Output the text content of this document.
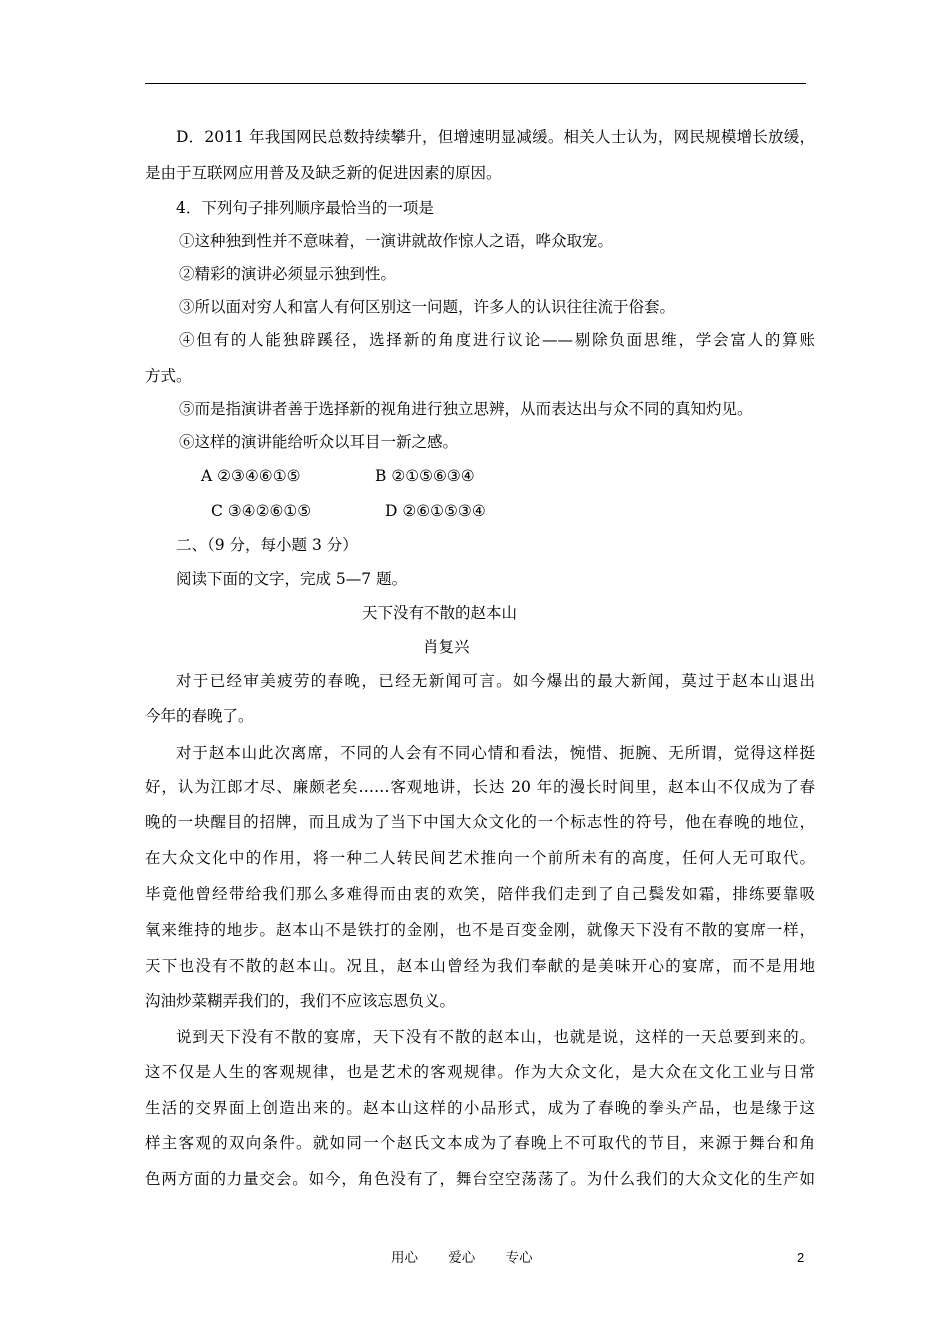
D．2011 年我国网民总数持续攀升，但增速明显减缓。相关人士认为，网民规模增长放缓，
是由于互联网应用普及及缺乏新的促进因素的原因。
4．下列句子排列顺序最恰当的一项是
①这种独到性并不意味着，一演讲就故作惊人之语，哗众取宠。
②精彩的演讲必须显示独到性。
③所以面对穷人和富人有何区别这一问题，许多人的认识往往流于俗套。
④但有的人能独辟蹊径，选择新的角度进行议论——剔除负面思维，学会富人的算账
方式。
⑤而是指演讲者善于选择新的视角进行独立思辨，从而表达出与众不同的真知灼见。
⑥这样的演讲能给听众以耳目一新之感。
A ②③④⑥①⑤	B ②①⑤⑥③④
C ③④②⑥①⑤	D ②⑥①⑤③④
二、（9 分，每小题 3 分）
阅读下面的文字，完成 5—7 题。
天下没有不散的赵本山
肖复兴
对于已经审美疲劳的春晚，已经无新闻可言。如今爆出的最大新闻，莫过于赵本山退出
今年的春晚了。
对于赵本山此次离席，不同的人会有不同心情和看法，惋惜、扼腕、无所谓，觉得这样挺
好，认为江郎才尽、廉颇老矣……客观地讲，长达 20 年的漫长时间里，赵本山不仅成为了春
晚的一块醒目的招牌，而且成为了当下中国大众文化的一个标志性的符号，他在春晚的地位，
在大众文化中的作用，将一种二人转民间艺术推向一个前所未有的高度，任何人无可取代。
毕竟他曾经带给我们那么多难得而由衷的欢笑，陪伴我们走到了自己鬓发如霜，排练要靠吸
氧来维持的地步。赵本山不是铁打的金刚，也不是百变金刚，就像天下没有不散的宴席一样，
天下也没有不散的赵本山。况且，赵本山曾经为我们奉献的是美味开心的宴席，而不是用地
沟油炒菜糊弄我们的，我们不应该忘恩负义。
说到天下没有不散的宴席，天下没有不散的赵本山，也就是说，这样的一天总要到来的。
这不仅是人生的客观规律，也是艺术的客观规律。作为大众文化，是大众在文化工业与日常
生活的交界面上创造出来的。赵本山这样的小品形式，成为了春晚的拳头产品，也是缘于这
样主客观的双向条件。就如同一个赵氏文本成为了春晚上不可取代的节目，来源于舞台和角
色两方面的力量交会。如今，角色没有了，舞台空空荡荡了。为什么我们的大众文化的生产如
用心 爱心 专心	2
